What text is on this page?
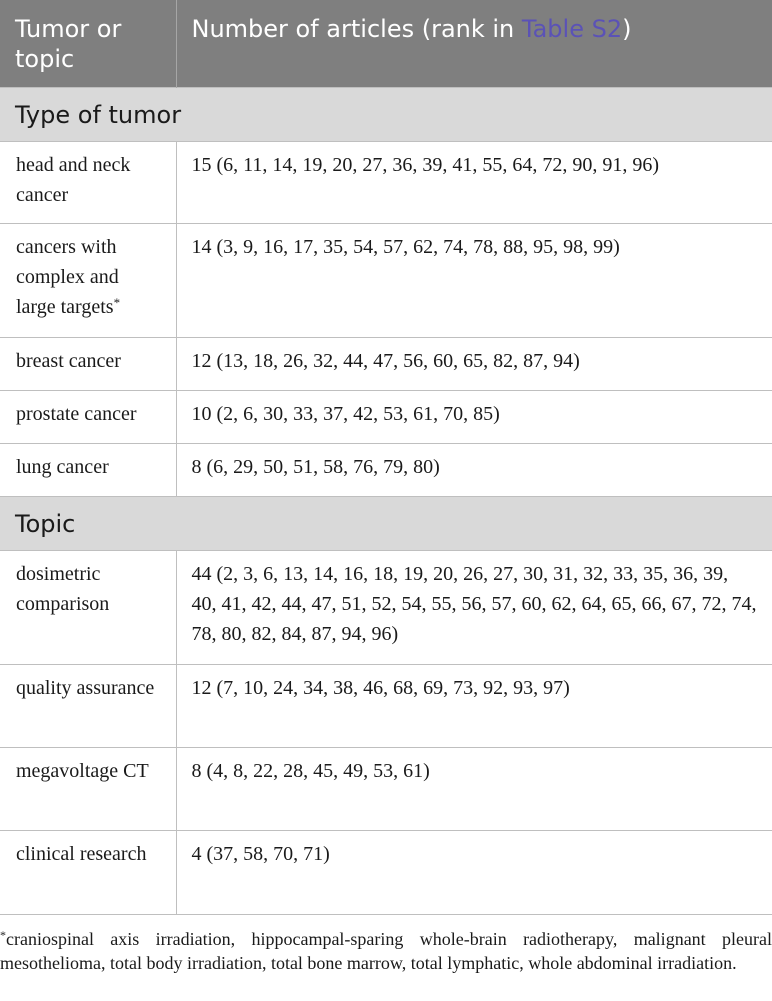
Tumor or topic	Number of articles (rank in Table S2)
Type of tumor	
head and neck cancer	15 (6, 11, 14, 19, 20, 27, 36, 39, 41, 55, 64, 72, 90, 91, 96)
cancers with complex and large targets*	14 (3, 9, 16, 17, 35, 54, 57, 62, 74, 78, 88, 95, 98, 99)
breast cancer	12 (13, 18, 26, 32, 44, 47, 56, 60, 65, 82, 87, 94)
prostate cancer	10 (2, 6, 30, 33, 37, 42, 53, 61, 70, 85)
lung cancer	8 (6, 29, 50, 51, 58, 76, 79, 80)
Topic	
dosimetric comparison	44 (2, 3, 6, 13, 14, 16, 18, 19, 20, 26, 27, 30, 31, 32, 33, 35, 36, 39, 40, 41, 42, 44, 47, 51, 52, 54, 55, 56, 57, 60, 62, 64, 65, 66, 67, 72, 74, 78, 80, 82, 84, 87, 94, 96)
quality assurance	12 (7, 10, 24, 34, 38, 46, 68, 69, 73, 92, 93, 97)
megavoltage CT	8 (4, 8, 22, 28, 45, 49, 53, 61)
clinical research	4 (37, 58, 70, 71)
*craniospinal axis irradiation, hippocampal-sparing whole-brain radiotherapy, malignant pleural mesothelioma, total body irradiation, total bone marrow, total lymphatic, whole abdominal irradiation.
